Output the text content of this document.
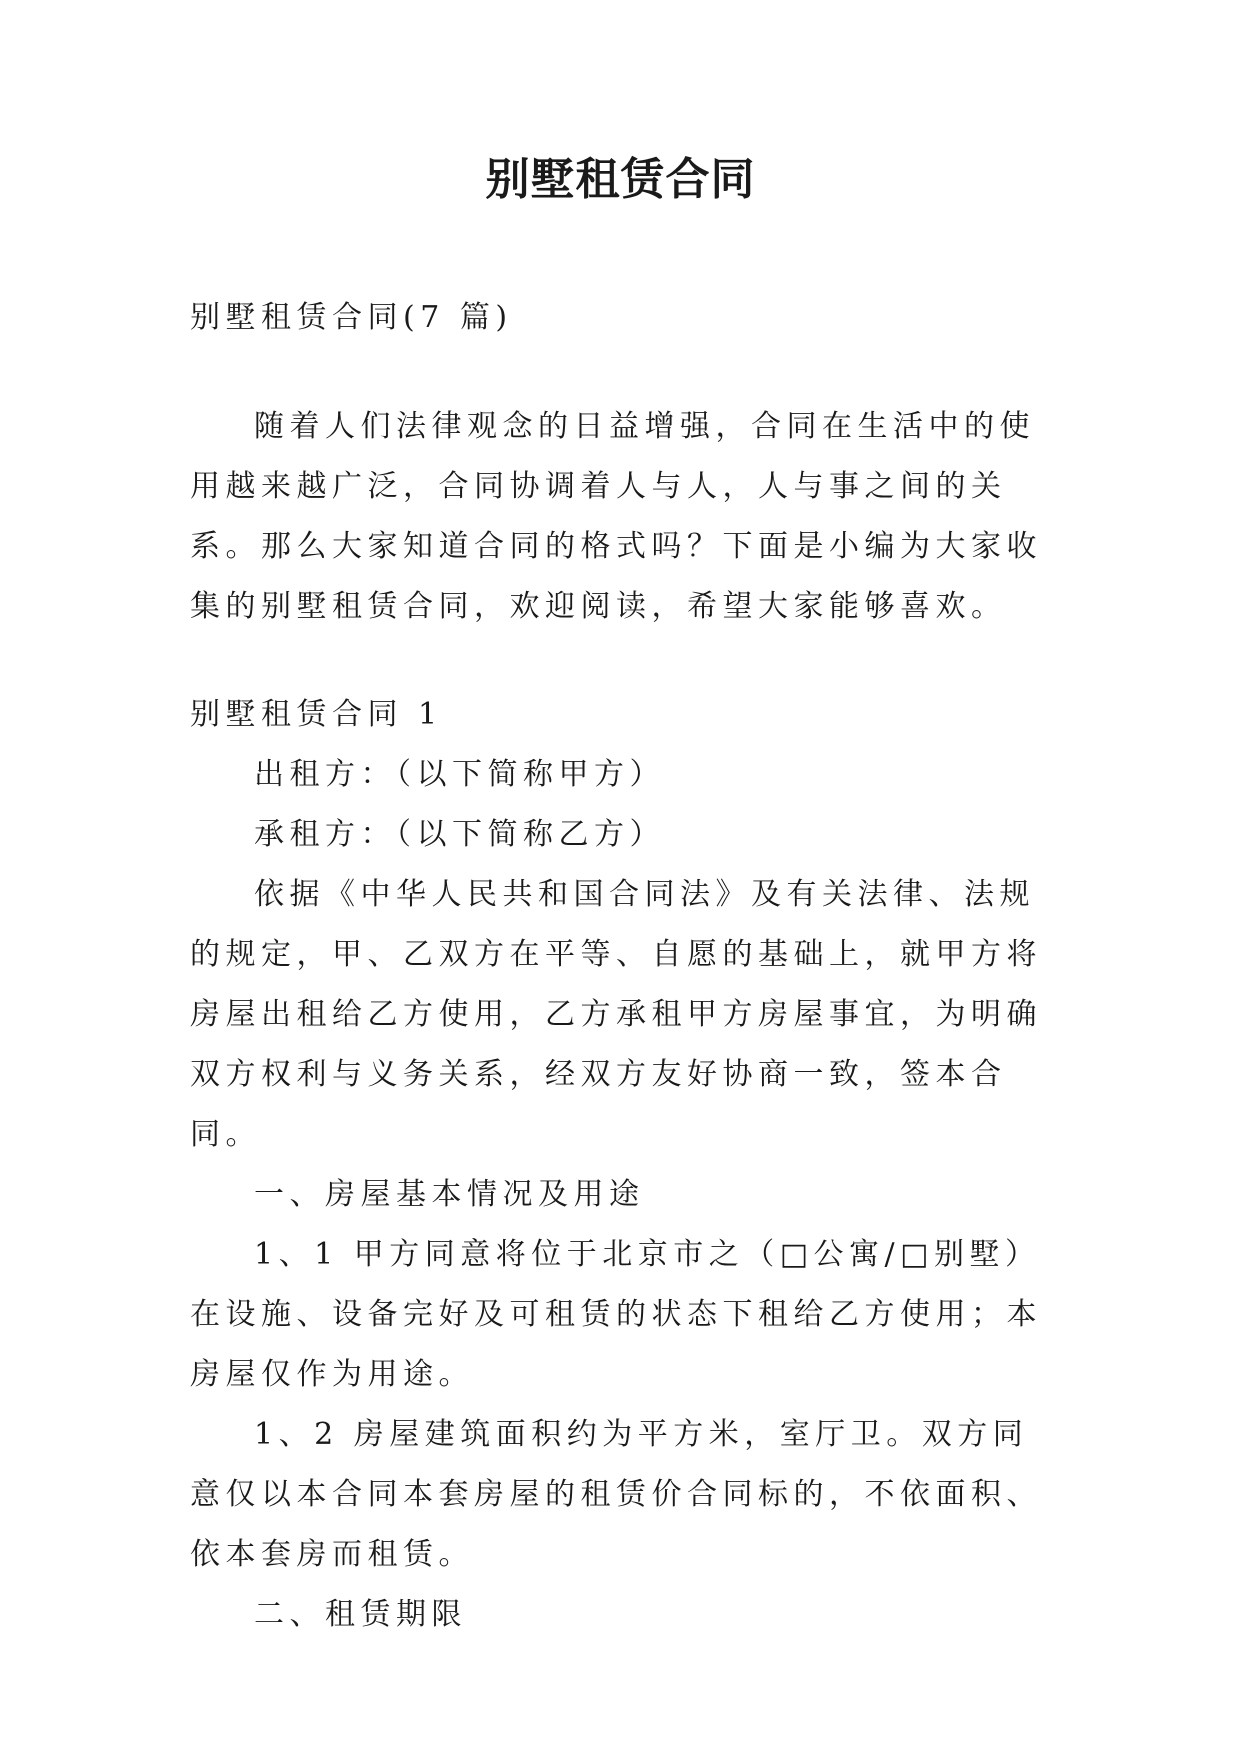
别墅租赁合同

别墅租赁合同(7 篇)

随着人们法律观念的日益增强，合同在生活中的使用越来越广泛，合同协调着人与人，人与事之间的关系。那么大家知道合同的格式吗？下面是小编为大家收集的别墅租赁合同，欢迎阅读，希望大家能够喜欢。

别墅租赁合同 1

出租方：（以下简称甲方）

承租方：（以下简称乙方）

依据《中华人民共和国合同法》及有关法律、法规的规定，甲、乙双方在平等、自愿的基础上，就甲方将房屋出租给乙方使用，乙方承租甲方房屋事宜，为明确双方权利与义务关系，经双方友好协商一致，签本合同。

一、房屋基本情况及用途

1、1 甲方同意将位于北京市之（□公寓/□别墅）在设施、设备完好及可租赁的状态下租给乙方使用；本房屋仅作为用途。

1、2 房屋建筑面积约为平方米，室厅卫。双方同意仅以本合同本套房屋的租赁价合同标的，不依面积、依本套房而租赁。

二、租赁期限
